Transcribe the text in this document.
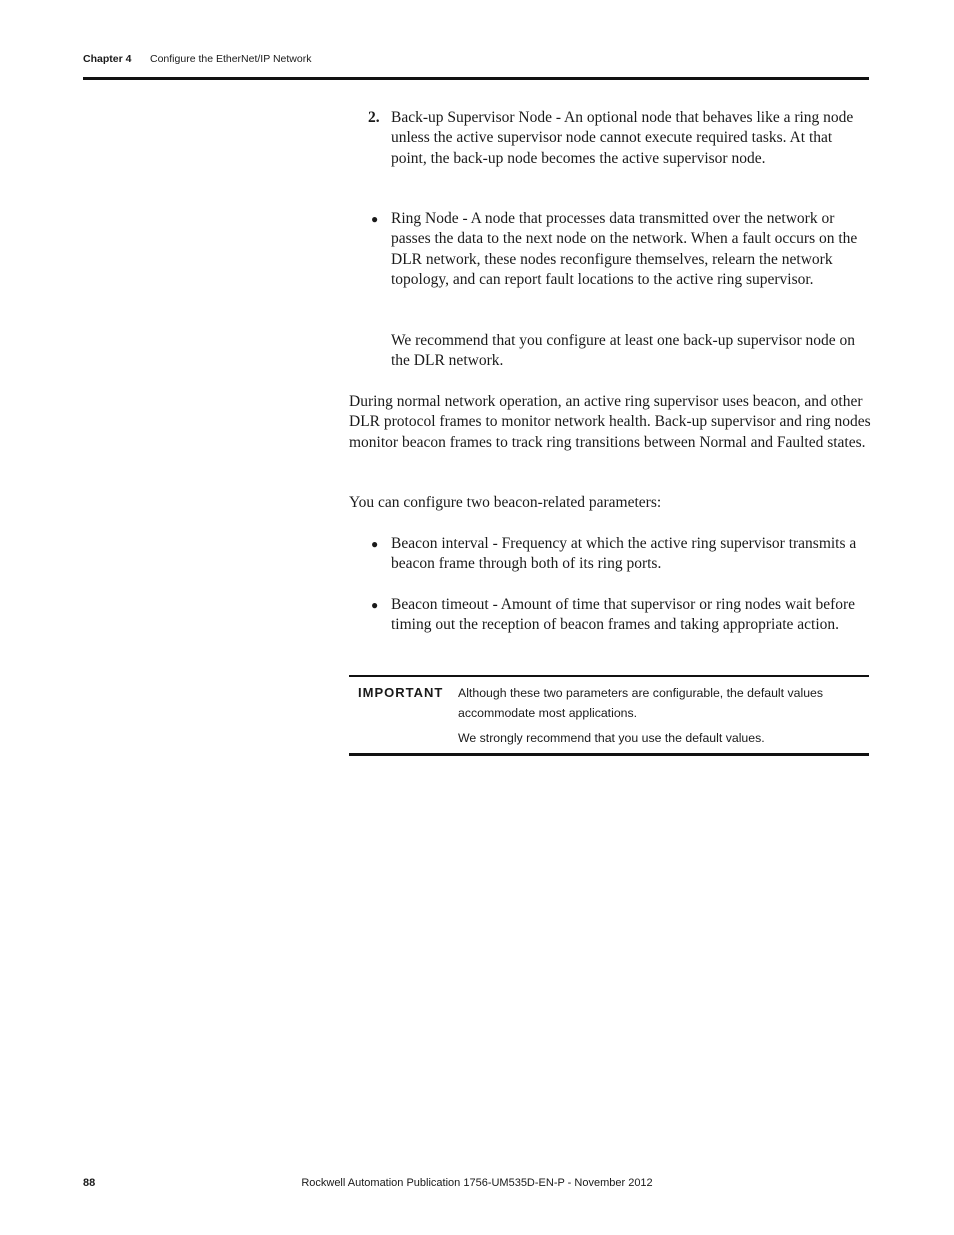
Chapter 4 Configure the EtherNet/IP Network
2. Back-up Supervisor Node - An optional node that behaves like a ring node unless the active supervisor node cannot execute required tasks. At that point, the back-up node becomes the active supervisor node.
● Ring Node - A node that processes data transmitted over the network or passes the data to the next node on the network. When a fault occurs on the DLR network, these nodes reconfigure themselves, relearn the network topology, and can report fault locations to the active ring supervisor.
We recommend that you configure at least one back-up supervisor node on the DLR network.
During normal network operation, an active ring supervisor uses beacon, and other DLR protocol frames to monitor network health. Back-up supervisor and ring nodes monitor beacon frames to track ring transitions between Normal and Faulted states.
You can configure two beacon-related parameters:
● Beacon interval - Frequency at which the active ring supervisor transmits a beacon frame through both of its ring ports.
● Beacon timeout - Amount of time that supervisor or ring nodes wait before timing out the reception of beacon frames and taking appropriate action.
IMPORTANT Although these two parameters are configurable, the default values accommodate most applications.
We strongly recommend that you use the default values.
88	Rockwell Automation Publication 1756-UM535D-EN-P - November 2012
